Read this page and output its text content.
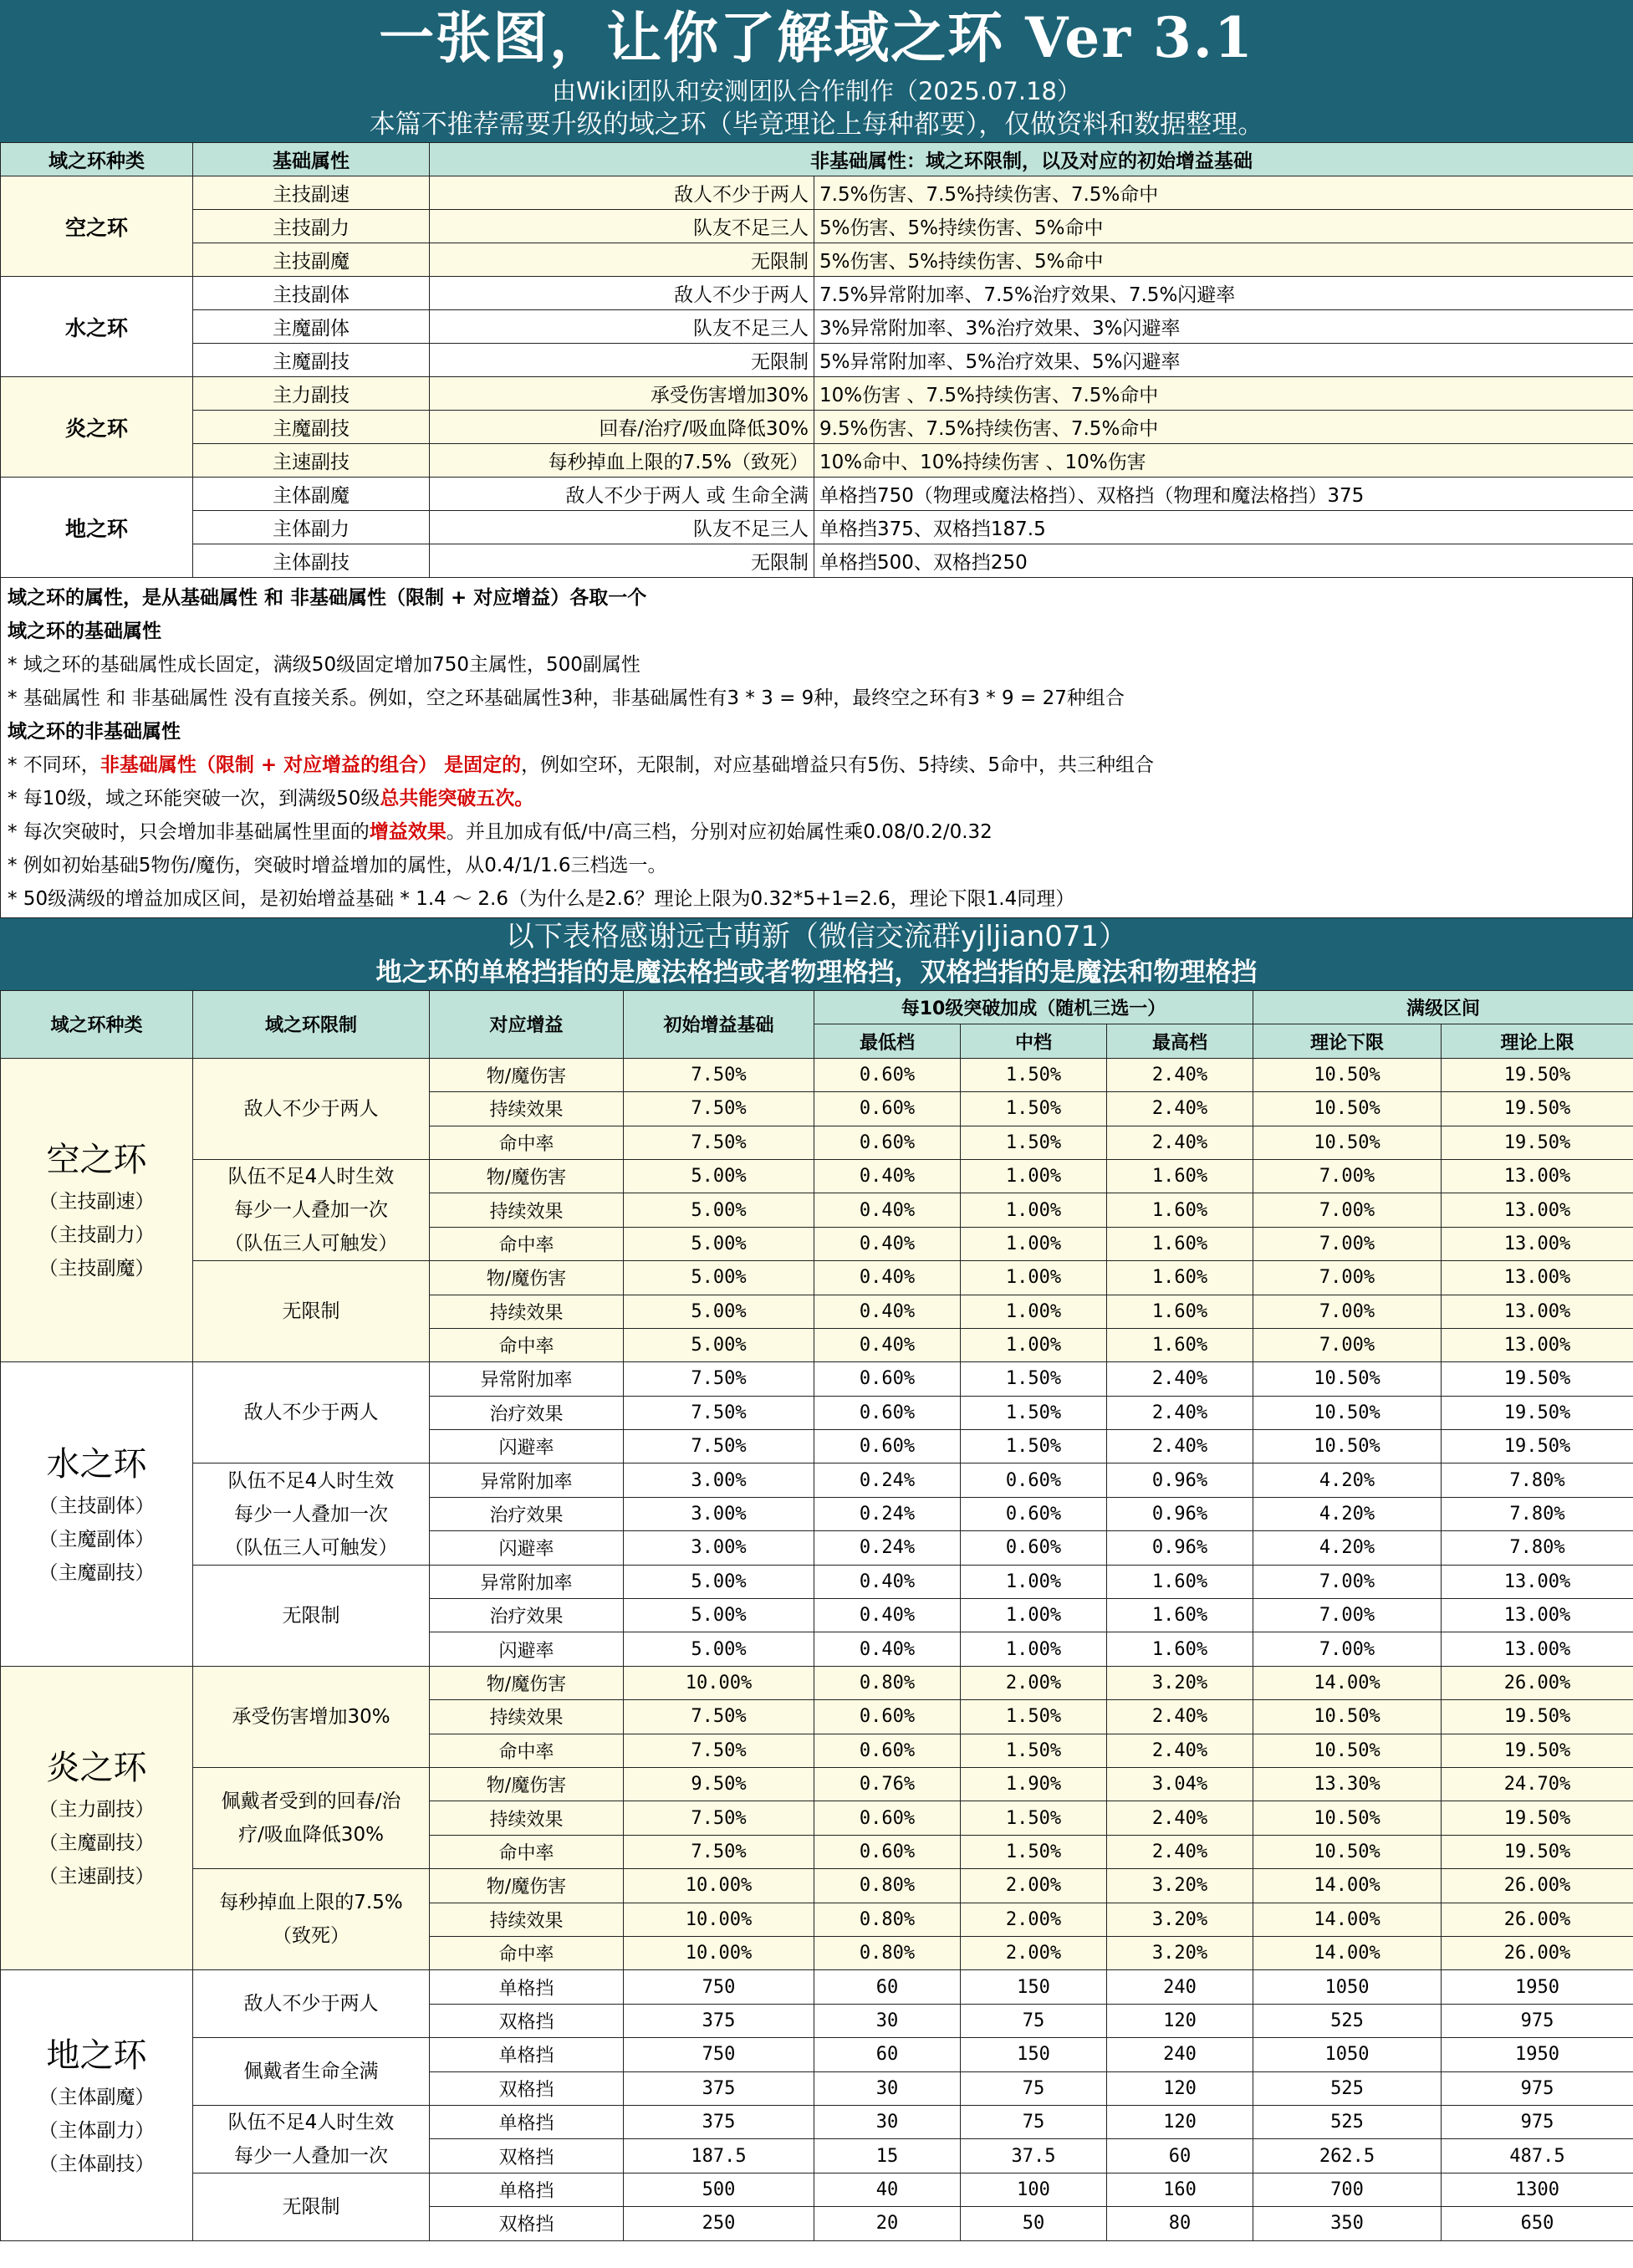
一张图，让你了解域之环 Ver 3.1
由Wiki团队和安测团队合作制作（2025.07.18）
本篇不推荐需要升级的域之环（毕竟理论上每种都要），仅做资料和数据整理。
域之环种类	基础属性	非基础属性：域之环限制，以及对应的初始增益基础	
空之环	主技副速	敌人不少于两人	7.5%伤害、7.5%持续伤害、7.5%命中
	主技副力	队友不足三人	5%伤害、5%持续伤害、5%命中
	主技副魔	无限制	5%伤害、5%持续伤害、5%命中
水之环	主技副体	敌人不少于两人	7.5%异常附加率、7.5%治疗效果、7.5%闪避率
	主魔副体	队友不足三人	3%异常附加率、3%治疗效果、3%闪避率
	主魔副技	无限制	5%异常附加率、5%治疗效果、5%闪避率
炎之环	主力副技	承受伤害增加30%	10%伤害 、7.5%持续伤害、7.5%命中
	主魔副技	回春/治疗/吸血降低30%	9.5%伤害、7.5%持续伤害、7.5%命中
	主速副技	每秒掉血上限的7.5%（致死）	10%命中、10%持续伤害 、10%伤害
地之环	主体副魔	敌人不少于两人 或 生命全满	单格挡750（物理或魔法格挡）、双格挡（物理和魔法格挡）375
	主体副力	队友不足三人	单格挡375、双格挡187.5
	主体副技	无限制	单格挡500、双格挡250
域之环的属性，是从基础属性 和 非基础属性（限制 + 对应增益）各取一个
域之环的基础属性
* 域之环的基础属性成长固定，满级50级固定增加750主属性，500副属性
* 基础属性 和 非基础属性 没有直接关系。例如，空之环基础属性3种，非基础属性有3 * 3 = 9种，最终空之环有3 * 9 = 27种组合
域之环的非基础属性
* 不同环，非基础属性（限制 + 对应增益的组合） 是固定的，例如空环，无限制，对应基础增益只有5伤、5持续、5命中，共三种组合
* 每10级，域之环能突破一次，到满级50级总共能突破五次。
* 每次突破时，只会增加非基础属性里面的增益效果。并且加成有低/中/高三档，分别对应初始属性乘0.08/0.2/0.32
* 例如初始基础5物伤/魔伤，突破时增益增加的属性，从0.4/1/1.6三档选一。
* 50级满级的增益加成区间，是初始增益基础 * 1.4 ～ 2.6（为什么是2.6？理论上限为0.32*5+1=2.6，理论下限1.4同理）
以下表格感谢远古萌新（微信交流群yjljian071）
地之环的单格挡指的是魔法格挡或者物理格挡，双格挡指的是魔法和物理格挡
域之环种类	域之环限制	对应增益	初始增益基础	每10级突破加成（随机三选一）			满级区间	
				最低档	中档	最高档	理论下限	理论上限

空之环
（主技副速）
（主技副力）
（主技副魔）	敌人不少于两人	物/魔伤害	7.50%	0.60%	1.50%	2.40%	10.50%	19.50%
		持续效果	7.50%	0.60%	1.50%	2.40%	10.50%	19.50%
		命中率	7.50%	0.60%	1.50%	2.40%	10.50%	19.50%

	队伍不足4人时生效
每少一人叠加一次
（队伍三人可触发）	物/魔伤害	5.00%	0.40%	1.00%	1.60%	7.00%	13.00%
		持续效果	5.00%	0.40%	1.00%	1.60%	7.00%	13.00%
		命中率	5.00%	0.40%	1.00%	1.60%	7.00%	13.00%

	无限制	物/魔伤害	5.00%	0.40%	1.00%	1.60%	7.00%	13.00%
		持续效果	5.00%	0.40%	1.00%	1.60%	7.00%	13.00%
		命中率	5.00%	0.40%	1.00%	1.60%	7.00%	13.00%

水之环
（主技副体）
（主魔副体）
（主魔副技）	敌人不少于两人	异常附加率	7.50%	0.60%	1.50%	2.40%	10.50%	19.50%
		治疗效果	7.50%	0.60%	1.50%	2.40%	10.50%	19.50%
		闪避率	7.50%	0.60%	1.50%	2.40%	10.50%	19.50%

	队伍不足4人时生效
每少一人叠加一次
（队伍三人可触发）	异常附加率	3.00%	0.24%	0.60%	0.96%	4.20%	7.80%
		治疗效果	3.00%	0.24%	0.60%	0.96%	4.20%	7.80%
		闪避率	3.00%	0.24%	0.60%	0.96%	4.20%	7.80%

	无限制	异常附加率	5.00%	0.40%	1.00%	1.60%	7.00%	13.00%
		治疗效果	5.00%	0.40%	1.00%	1.60%	7.00%	13.00%
		闪避率	5.00%	0.40%	1.00%	1.60%	7.00%	13.00%

炎之环
（主力副技）
（主魔副技）
（主速副技）	承受伤害增加30%	物/魔伤害	10.00%	0.80%	2.00%	3.20%	14.00%	26.00%
		持续效果	7.50%	0.60%	1.50%	2.40%	10.50%	19.50%
		命中率	7.50%	0.60%	1.50%	2.40%	10.50%	19.50%

	佩戴者受到的回春/治
疗/吸血降低30%	物/魔伤害	9.50%	0.76%	1.90%	3.04%	13.30%	24.70%
		持续效果	7.50%	0.60%	1.50%	2.40%	10.50%	19.50%
		命中率	7.50%	0.60%	1.50%	2.40%	10.50%	19.50%

	每秒掉血上限的7.5%
（致死）	物/魔伤害	10.00%	0.80%	2.00%	3.20%	14.00%	26.00%
		持续效果	10.00%	0.80%	2.00%	3.20%	14.00%	26.00%
		命中率	10.00%	0.80%	2.00%	3.20%	14.00%	26.00%

地之环
（主体副魔）
（主体副力）
（主体副技）	敌人不少于两人	单格挡	750	60	150	240	1050	1950
		双格挡	375	30	75	120	525	975

	佩戴者生命全满	单格挡	750	60	150	240	1050	1950
		双格挡	375	30	75	120	525	975

	队伍不足4人时生效
每少一人叠加一次	单格挡	375	30	75	120	525	975
		双格挡	187.5	15	37.5	60	262.5	487.5

	无限制	单格挡	500	40	100	160	700	1300
		双格挡	250	20	50	80	350	650
